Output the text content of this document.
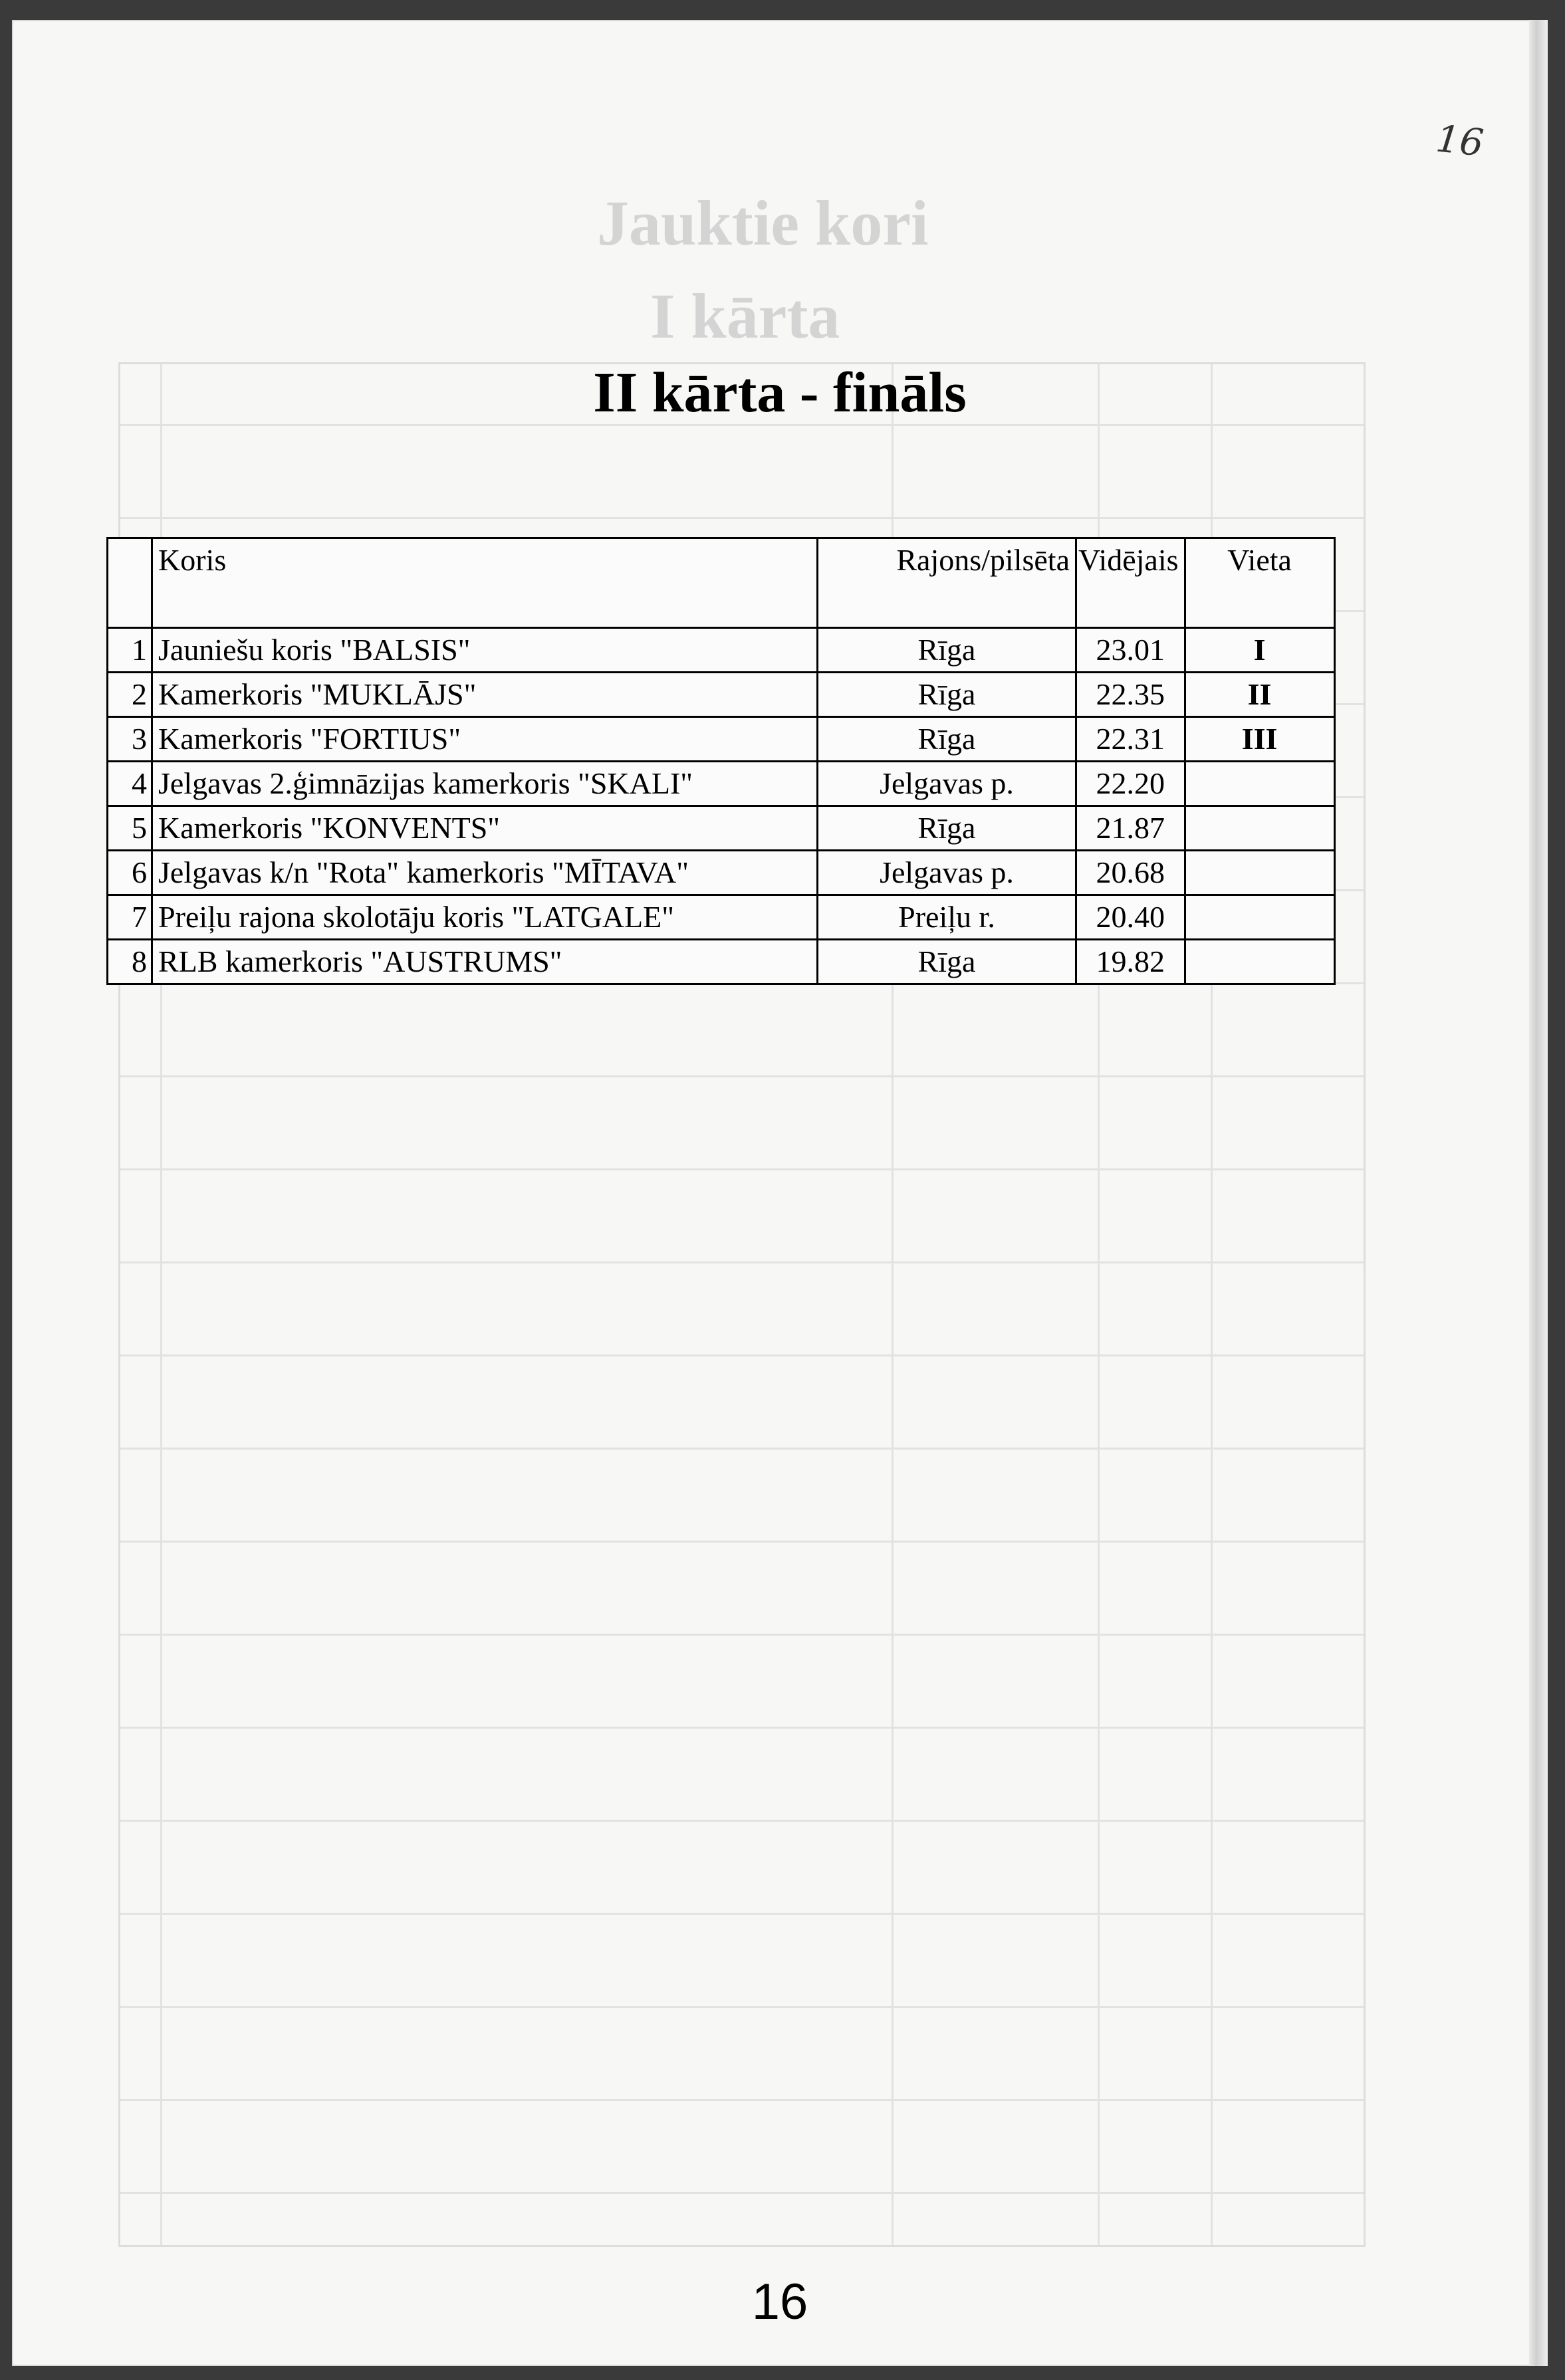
16
Jauktie kori
I kārta
II kārta - fināls
	Koris	Rajons/pilsēta	Vidējais	Vieta
1	Jauniešu koris "BALSIS"	Rīga	23.01	I
2	Kamerkoris "MUKLĀJS"	Rīga	22.35	II
3	Kamerkoris "FORTIUS"	Rīga	22.31	III
4	Jelgavas 2.ģimnāzijas kamerkoris "SKALI"	Jelgavas p.	22.20	
5	Kamerkoris "KONVENTS"	Rīga	21.87	
6	Jelgavas k/n "Rota" kamerkoris "MĪTAVA"	Jelgavas p.	20.68	
7	Preiļu rajona skolotāju koris "LATGALE"	Preiļu r.	20.40	
8	RLB kamerkoris "AUSTRUMS"	Rīga	19.82	
16
